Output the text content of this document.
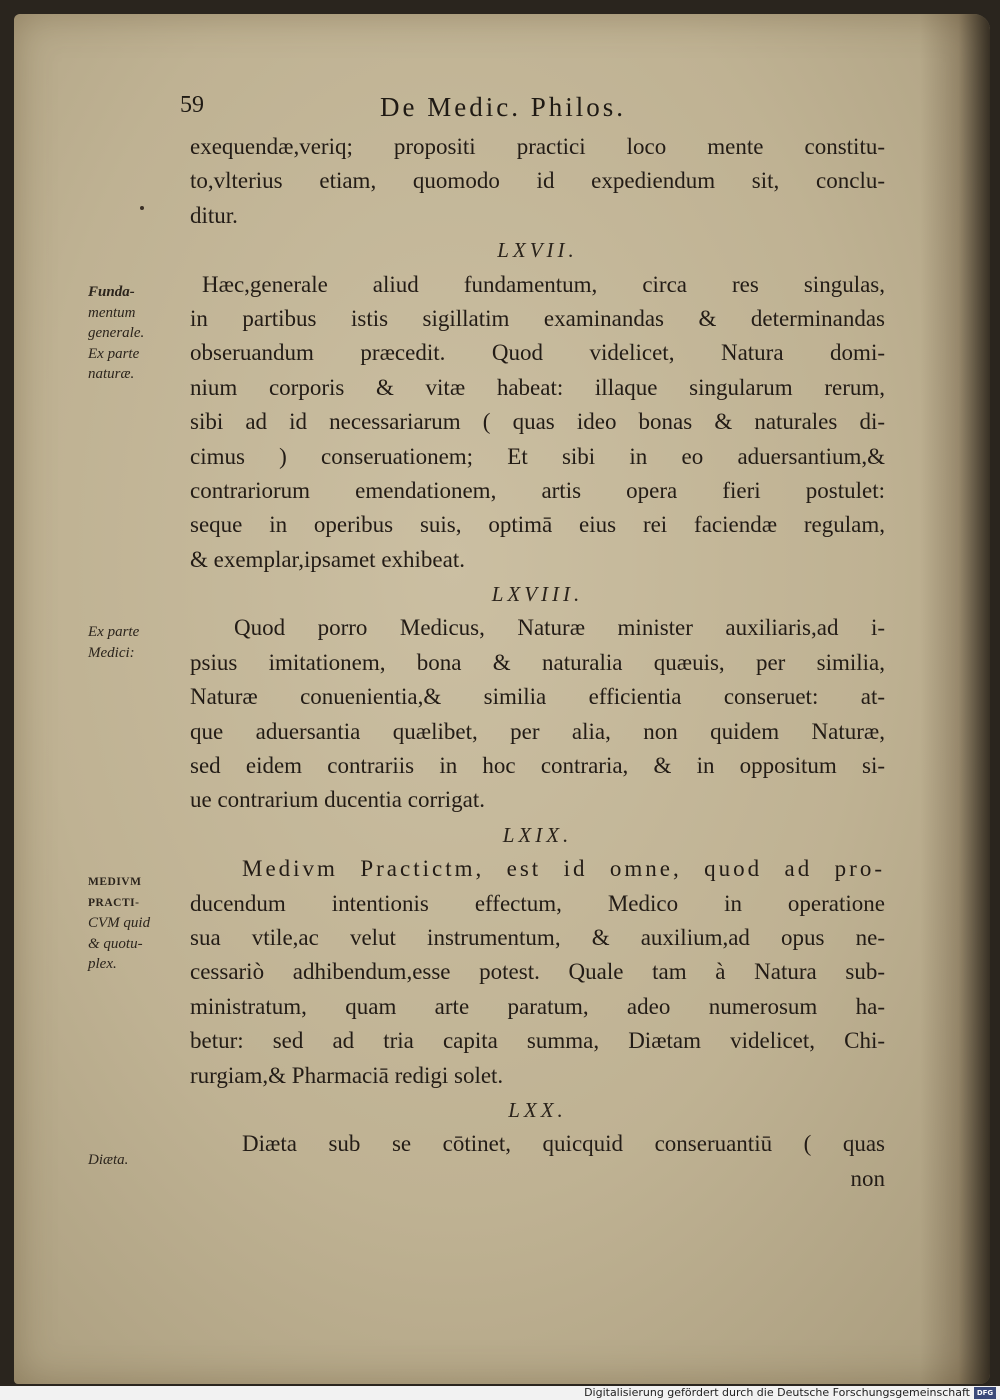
59	De Medic. Philos.
exequendæ,veriq; propositi practici loco mente constitu-
to,vlterius etiam, quomodo id expediendum sit, conclu-
ditur.
LXVII.
Hæc,generale aliud fundamentum, circa res singulas,
in partibus istis sigillatim examinandas & determinandas
obseruandum præcedit. Quod videlicet, Natura domi-
nium corporis & vitæ habeat: illaque singularum rerum,
sibi ad id necessariarum ( quas ideo bonas & naturales di-
cimus ) conseruationem; Et sibi in eo aduersantium,&
contrariorum emendationem, artis opera fieri postulet:
seque in operibus suis, optimā eius rei faciendæ regulam,
& exemplar,ipsamet exhibeat.
LXVIII.
Quod porro Medicus, Naturæ minister auxiliaris,ad i-
psius imitationem, bona & naturalia quæuis, per similia,
Naturæ conuenientia,& similia efficientia conseruet: at-
que aduersantia quælibet, per alia, non quidem Naturæ,
sed eidem contrariis in hoc contraria, & in oppositum si-
ue contrarium ducentia corrigat.
LXIX.
Medivm Practictm, est id omne, quod ad pro-
ducendum intentionis effectum, Medico in operatione
sua vtile,ac velut instrumentum, & auxilium,ad opus ne-
cessariò adhibendum,esse potest. Quale tam à Natura sub-
ministratum, quam arte paratum, adeo numerosum ha-
betur: sed ad tria capita summa, Diætam videlicet, Chi-
rurgiam,& Pharmaciā redigi solet.
LXX.
Diæta sub se cōtinet, quicquid conseruantiū ( quas
non
Funda-
mentum
generale.
Ex parte
naturæ.
Ex parte
Medici:
MEDIVM
PRACTI-
CVM quid
& quotu-
plex.
Diæta.
Digitalisierung gefördert durch die Deutsche Forschungsgemeinschaft DFG
